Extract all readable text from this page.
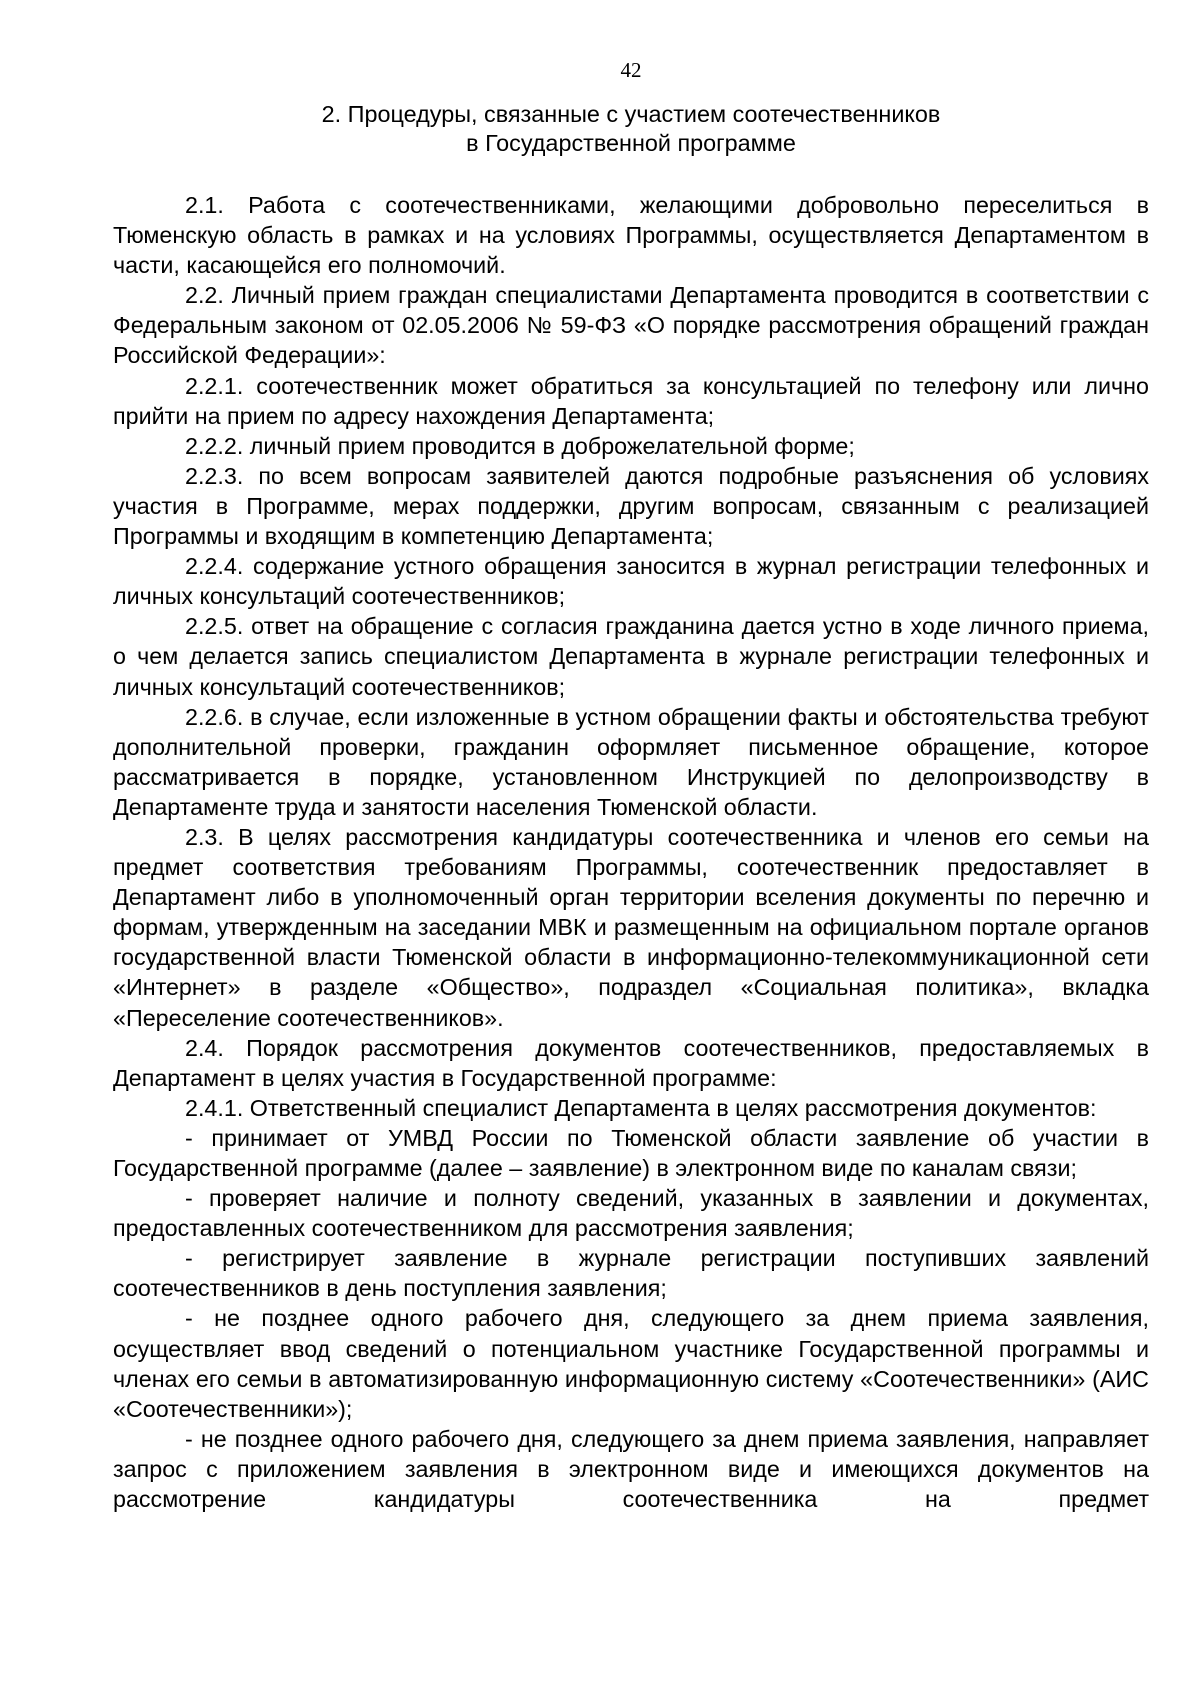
42
2. Процедуры, связанные с участием соотечественников
в Государственной программе

2.1. Работа с соотечественниками, желающими добровольно переселиться в Тюменскую область в рамках и на условиях Программы, осуществляется Департаментом в части, касающейся его полномочий.

2.2. Личный прием граждан специалистами Департамента проводится в соответствии с Федеральным законом от 02.05.2006 № 59-ФЗ «О порядке рассмотрения обращений граждан Российской Федерации»:

2.2.1. соотечественник может обратиться за консультацией по телефону или лично прийти на прием по адресу нахождения Департамента;

2.2.2. личный прием проводится в доброжелательной форме;

2.2.3. по всем вопросам заявителей даются подробные разъяснения об условиях участия в Программе, мерах поддержки, другим вопросам, связанным с реализацией Программы и входящим в компетенцию Департамента;

2.2.4. содержание устного обращения заносится в журнал регистрации телефонных и личных консультаций соотечественников;

2.2.5. ответ на обращение с согласия гражданина дается устно в ходе личного приема, о чем делается запись специалистом Департамента в журнале регистрации телефонных и личных консультаций соотечественников;

2.2.6. в случае, если изложенные в устном обращении факты и обстоятельства требуют дополнительной проверки, гражданин оформляет письменное обращение, которое рассматривается в порядке, установленном Инструкцией по делопроизводству в Департаменте труда и занятости населения Тюменской области.

2.3. В целях рассмотрения кандидатуры соотечественника и членов его семьи на предмет соответствия требованиям Программы, соотечественник предоставляет в Департамент либо в уполномоченный орган территории вселения документы по перечню и формам, утвержденным на заседании МВК и размещенным на официальном портале органов государственной власти Тюменской области в информационно-телекоммуникационной сети «Интернет» в разделе «Общество», подраздел «Социальная политика», вкладка «Переселение соотечественников».

2.4. Порядок рассмотрения документов соотечественников, предоставляемых в Департамент в целях участия в Государственной программе:

2.4.1. Ответственный специалист Департамента в целях рассмотрения документов:

- принимает от УМВД России по Тюменской области заявление об участии в Государственной программе (далее – заявление) в электронном виде по каналам связи;

- проверяет наличие и полноту сведений, указанных в заявлении и документах, предоставленных соотечественником для рассмотрения заявления;

- регистрирует заявление в журнале регистрации поступивших заявлений соотечественников в день поступления заявления;

- не позднее одного рабочего дня, следующего за днем приема заявления, осуществляет ввод сведений о потенциальном участнике Государственной программы и членах его семьи в автоматизированную информационную систему «Соотечественники» (АИС «Соотечественники»);

- не позднее одного рабочего дня, следующего за днем приема заявления, направляет запрос с приложением заявления в электронном виде и имеющихся документов на рассмотрение кандидатуры соотечественника на предмет
